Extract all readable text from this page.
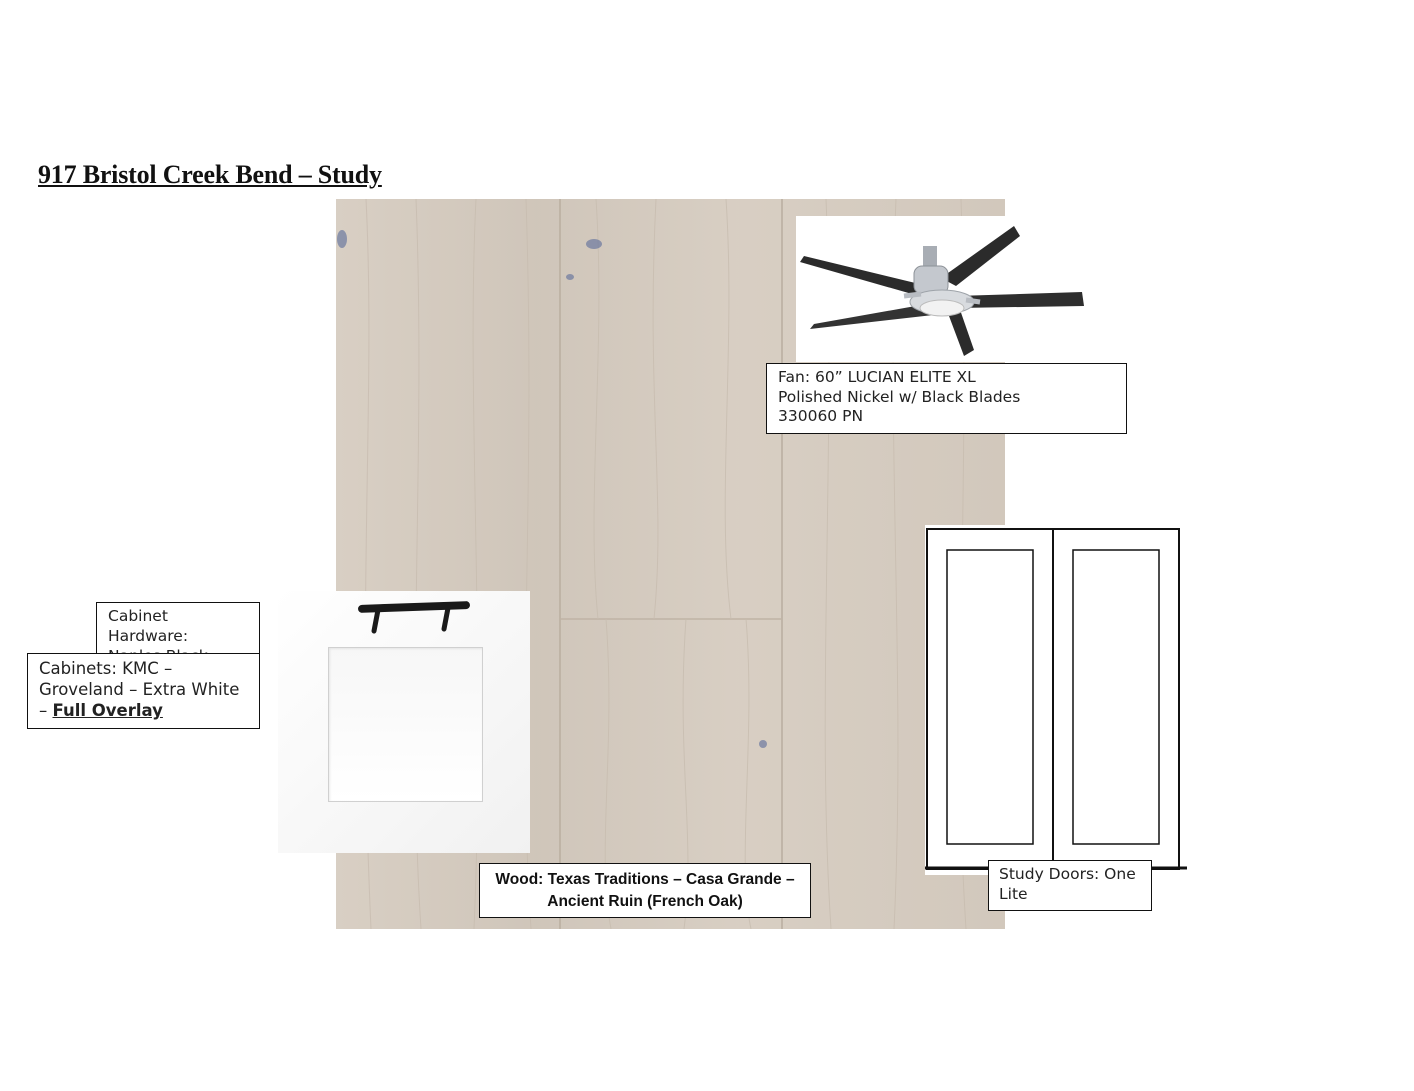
917 Bristol Creek Bend – Study
Fan: 60” LUCIAN ELITE XL
Polished Nickel w/ Black Blades
330060 PN
Cabinet Hardware:
Cabinets: KMC –
Groveland – Extra White
– Full Overlay
Study Doors: One
Lite
Wood: Texas Traditions – Casa Grande –
Ancient Ruin (French Oak)
